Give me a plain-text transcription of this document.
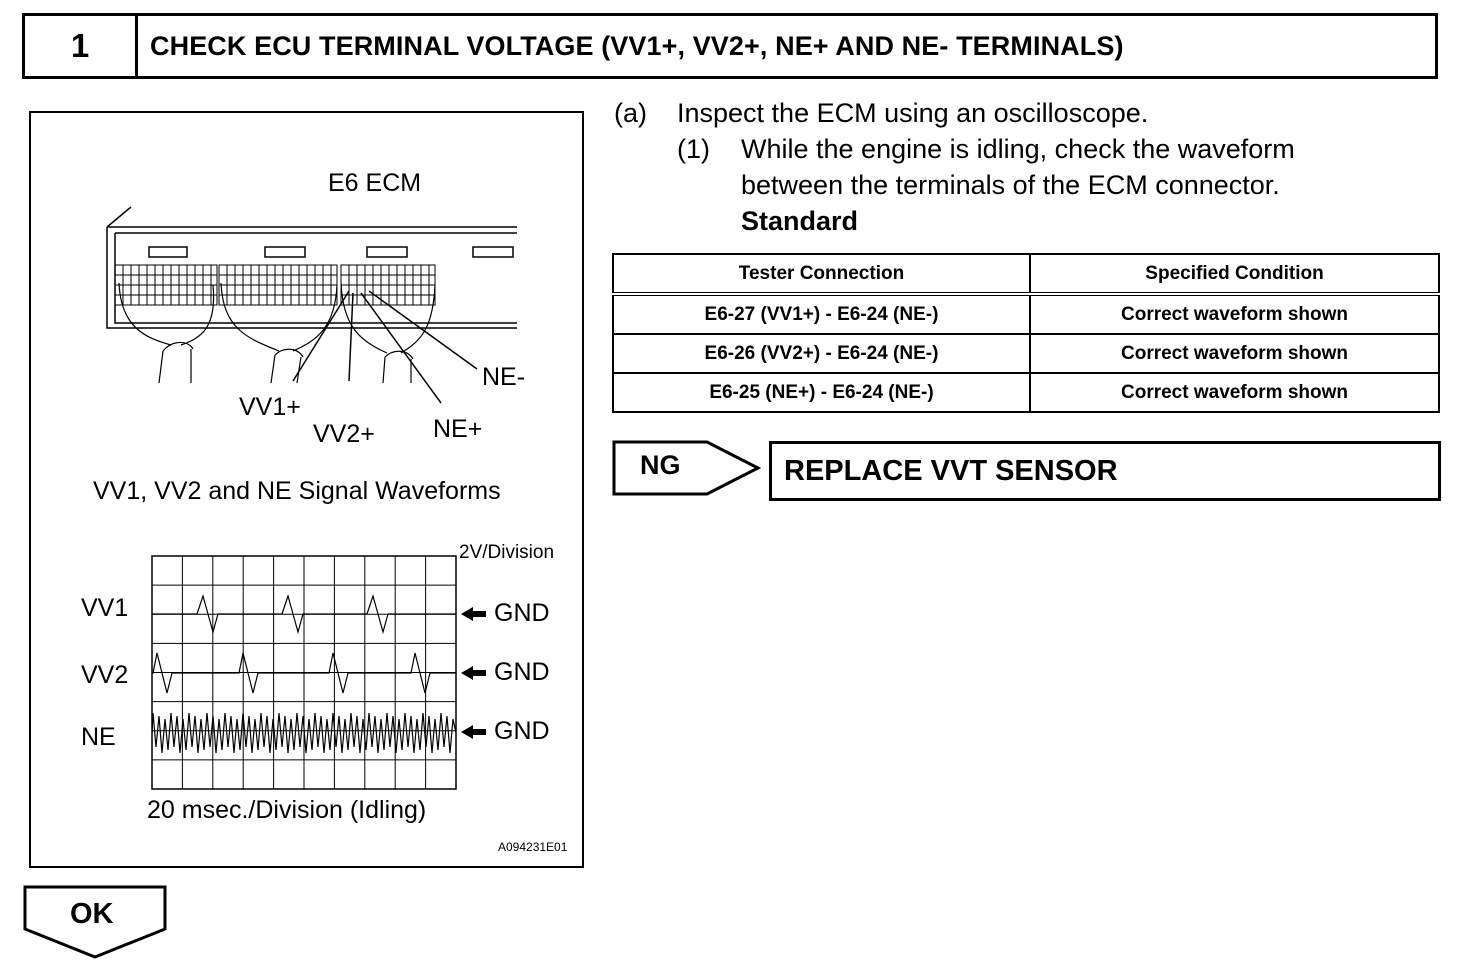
1	CHECK ECU TERMINAL VOLTAGE (VV1+, VV2+, NE+ AND NE- TERMINALS)
E6 ECM
NE-
VV1+
VV2+ NE+
VV1, VV2 and NE Signal Waveforms
2V/Division
VV1
VV2
NE
GND
GND
GND
20 msec./Division (Idling)
A094231E01
(a) Inspect the ECM using an oscilloscope.
(1) While the engine is idling, check the waveform
between the terminals of the ECM connector.
Standard
Tester Connection	Specified Condition
E6-27 (VV1+) - E6-24 (NE-)	Correct waveform shown
E6-26 (VV2+) - E6-24 (NE-)	Correct waveform shown
E6-25 (NE+) - E6-24 (NE-)	Correct waveform shown
NG	REPLACE VVT SENSOR
OK
